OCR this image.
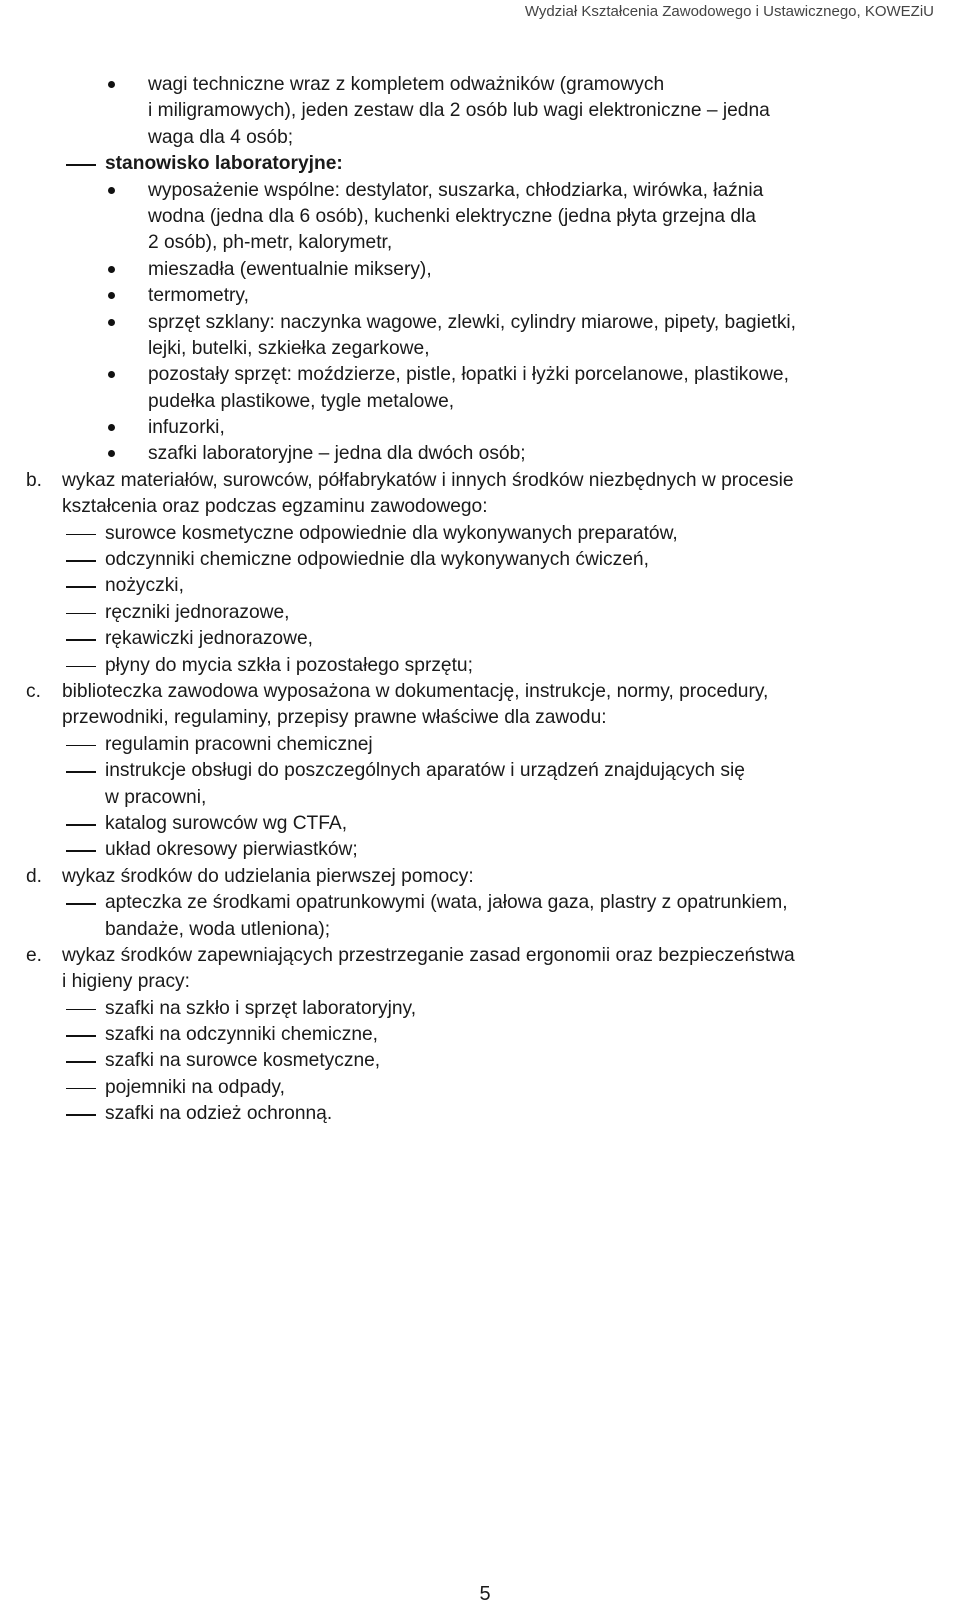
Wydział Kształcenia Zawodowego i Ustawicznego, KOWEZiU
wagi techniczne wraz z kompletem odważników (gramowych
i miligramowych), jeden zestaw dla 2 osób lub wagi elektroniczne – jedna
waga dla 4 osób;
stanowisko laboratoryjne:
wyposażenie wspólne: destylator, suszarka, chłodziarka, wirówka, łaźnia
wodna (jedna dla 6 osób), kuchenki elektryczne (jedna płyta grzejna dla
2 osób), ph-metr, kalorymetr,
mieszadła (ewentualnie miksery),
termometry,
sprzęt szklany: naczynka wagowe, zlewki, cylindry miarowe, pipety, bagietki,
lejki, butelki, szkiełka zegarkowe,
pozostały sprzęt: moździerze, pistle, łopatki i łyżki porcelanowe, plastikowe,
pudełka plastikowe, tygle metalowe,
infuzorki,
szafki laboratoryjne – jedna dla dwóch osób;
b. wykaz materiałów, surowców, półfabrykatów i innych środków niezbędnych w procesie
kształcenia oraz podczas egzaminu zawodowego:
surowce kosmetyczne odpowiednie dla wykonywanych preparatów,
odczynniki chemiczne odpowiednie dla wykonywanych ćwiczeń,
nożyczki,
ręczniki jednorazowe,
rękawiczki jednorazowe,
płyny do mycia szkła i pozostałego sprzętu;
c. biblioteczka zawodowa wyposażona w dokumentację, instrukcje, normy, procedury,
przewodniki, regulaminy, przepisy prawne właściwe dla zawodu:
regulamin pracowni chemicznej
instrukcje obsługi do poszczególnych aparatów i urządzeń znajdujących się
w pracowni,
katalog surowców wg CTFA,
układ okresowy pierwiastków;
d. wykaz środków do udzielania pierwszej pomocy:
apteczka ze środkami opatrunkowymi (wata, jałowa gaza, plastry z opatrunkiem,
bandaże, woda utleniona);
e. wykaz środków zapewniających przestrzeganie zasad ergonomii oraz bezpieczeństwa
i higieny pracy:
szafki na szkło i sprzęt laboratoryjny,
szafki na odczynniki chemiczne,
szafki na surowce kosmetyczne,
pojemniki na odpady,
szafki na odzież ochronną.
5
